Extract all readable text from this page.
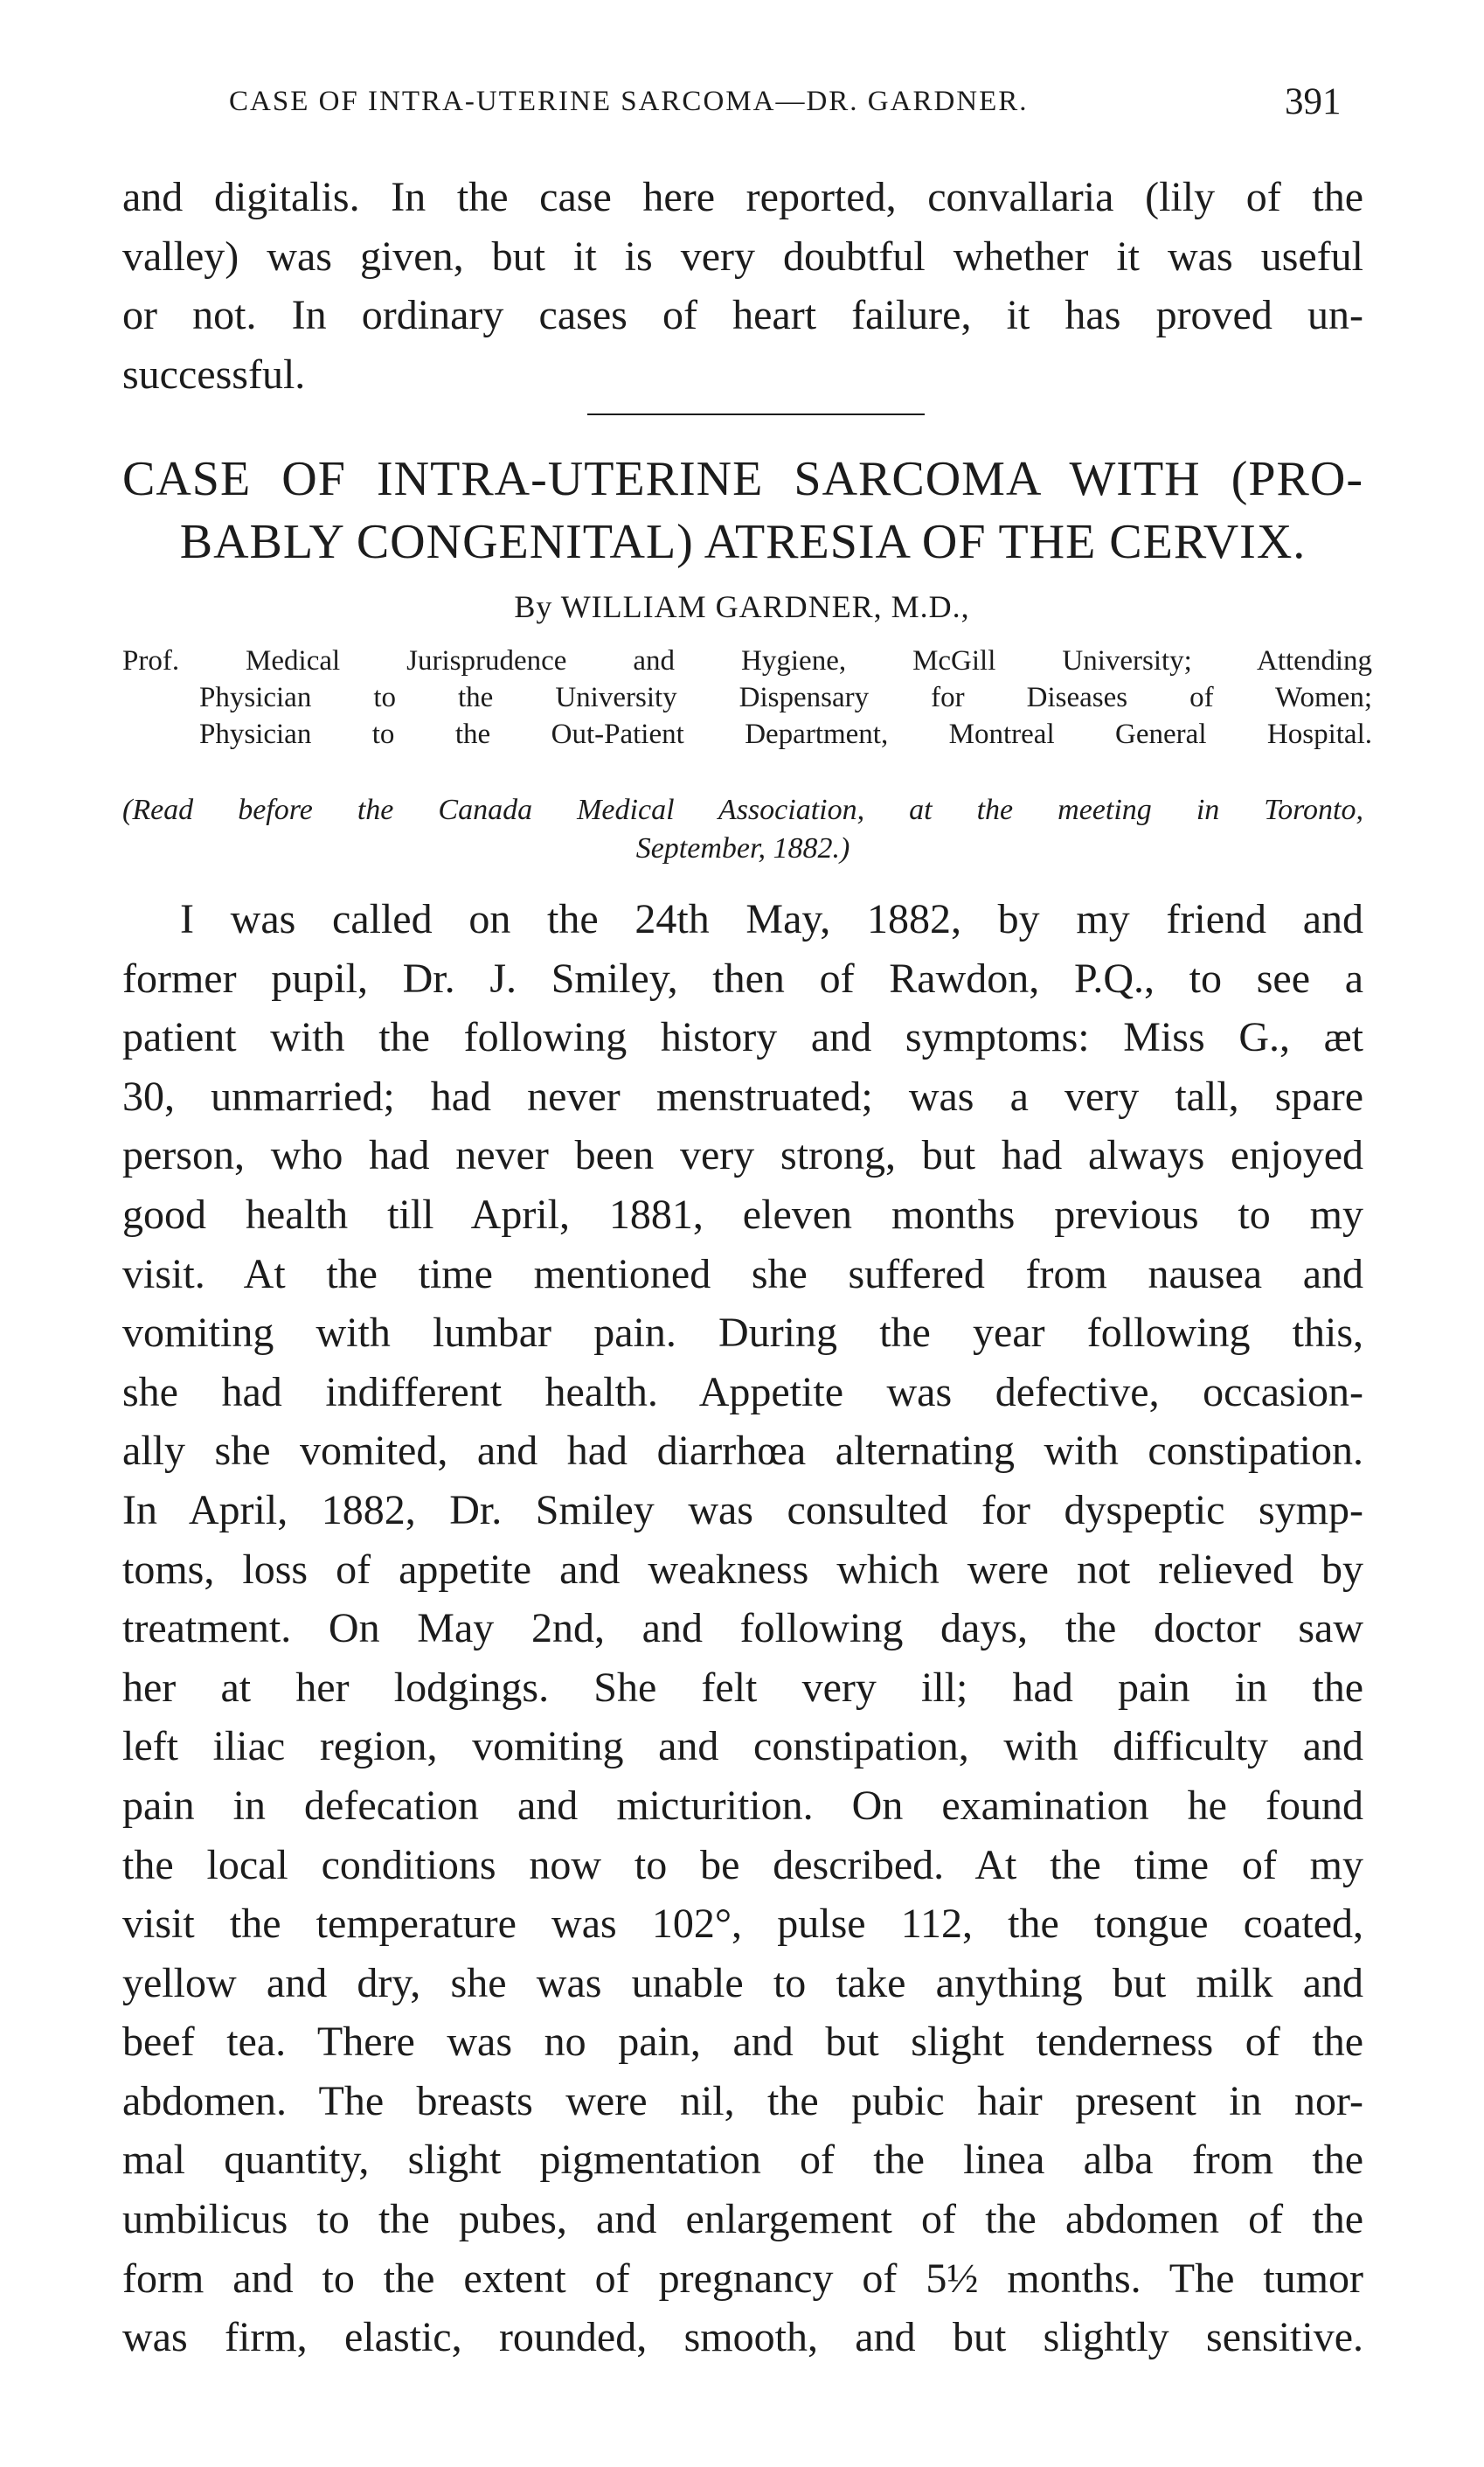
CASE OF INTRA-UTERINE SARCOMA—DR. GARDNER.	391
and digitalis. In the case here reported, convallaria (lily of the
valley) was given, but it is very doubtful whether it was useful
or not. In ordinary cases of heart failure, it has proved un-
successful.
CASE OF INTRA-UTERINE SARCOMA WITH (PRO-
BABLY CONGENITAL) ATRESIA OF THE CERVIX.
By WILLIAM GARDNER, M.D.,
Prof. Medical Jurisprudence and Hygiene, McGill University; Attending
Physician to the University Dispensary for Diseases of Women;
Physician to the Out-Patient Department, Montreal General Hospital.
(Read before the Canada Medical Association, at the meeting in Toronto,
September, 1882.)
I was called on the 24th May, 1882, by my friend and
former pupil, Dr. J. Smiley, then of Rawdon, P.Q., to see a
patient with the following history and symptoms: Miss G., æt
30, unmarried; had never menstruated; was a very tall, spare
person, who had never been very strong, but had always enjoyed
good health till April, 1881, eleven months previous to my
visit. At the time mentioned she suffered from nausea and
vomiting with lumbar pain. During the year following this,
she had indifferent health. Appetite was defective, occasion-
ally she vomited, and had diarrhœa alternating with constipation.
In April, 1882, Dr. Smiley was consulted for dyspeptic symp-
toms, loss of appetite and weakness which were not relieved by
treatment. On May 2nd, and following days, the doctor saw
her at her lodgings. She felt very ill; had pain in the
left iliac region, vomiting and constipation, with difficulty and
pain in defecation and micturition. On examination he found
the local conditions now to be described. At the time of my
visit the temperature was 102°, pulse 112, the tongue coated,
yellow and dry, she was unable to take anything but milk and
beef tea. There was no pain, and but slight tenderness of the
abdomen. The breasts were nil, the pubic hair present in nor-
mal quantity, slight pigmentation of the linea alba from the
umbilicus to the pubes, and enlargement of the abdomen of the
form and to the extent of pregnancy of 5½ months. The tumor
was firm, elastic, rounded, smooth, and but slightly sensitive.
